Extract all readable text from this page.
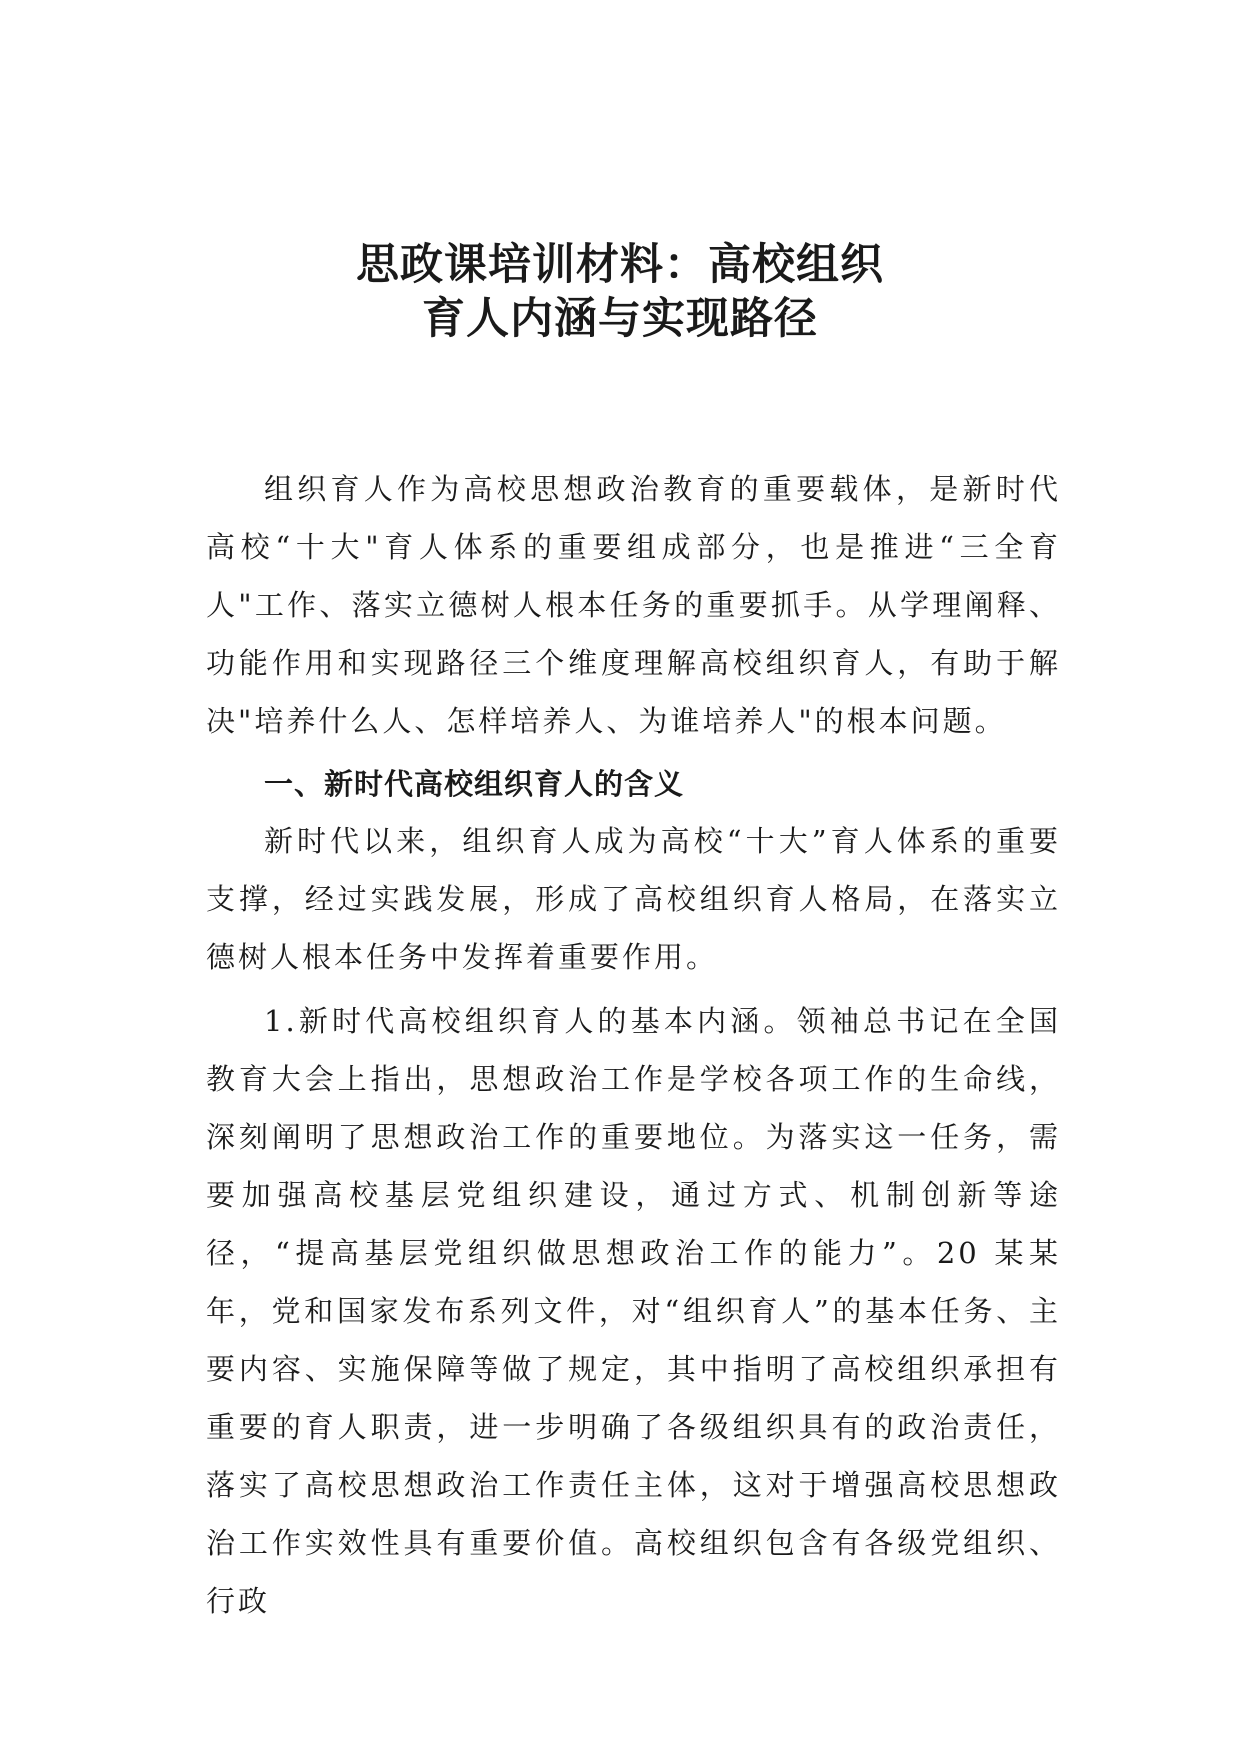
思政课培训材料：高校组织
育人内涵与实现路径

组织育人作为高校思想政治教育的重要载体，是新时代高校“十大"育人体系的重要组成部分，也是推进“三全育人"工作、落实立德树人根本任务的重要抓手。从学理阐释、功能作用和实现路径三个维度理解高校组织育人，有助于解决"培养什么人、怎样培养人、为谁培养人"的根本问题。

一、新时代高校组织育人的含义

新时代以来，组织育人成为高校“十大”育人体系的重要支撑，经过实践发展，形成了高校组织育人格局，在落实立德树人根本任务中发挥着重要作用。

1.新时代高校组织育人的基本内涵。领袖总书记在全国教育大会上指出，思想政治工作是学校各项工作的生命线，深刻阐明了思想政治工作的重要地位。为落实这一任务，需要加强高校基层党组织建设，通过方式、机制创新等途径，“提高基层党组织做思想政治工作的能力”。20 某某年，党和国家发布系列文件，对“组织育人”的基本任务、主要内容、实施保障等做了规定，其中指明了高校组织承担有重要的育人职责，进一步明确了各级组织具有的政治责任，落实了高校思想政治工作责任主体，这对于增强高校思想政治工作实效性具有重要价值。高校组织包含有各级党组织、行政
